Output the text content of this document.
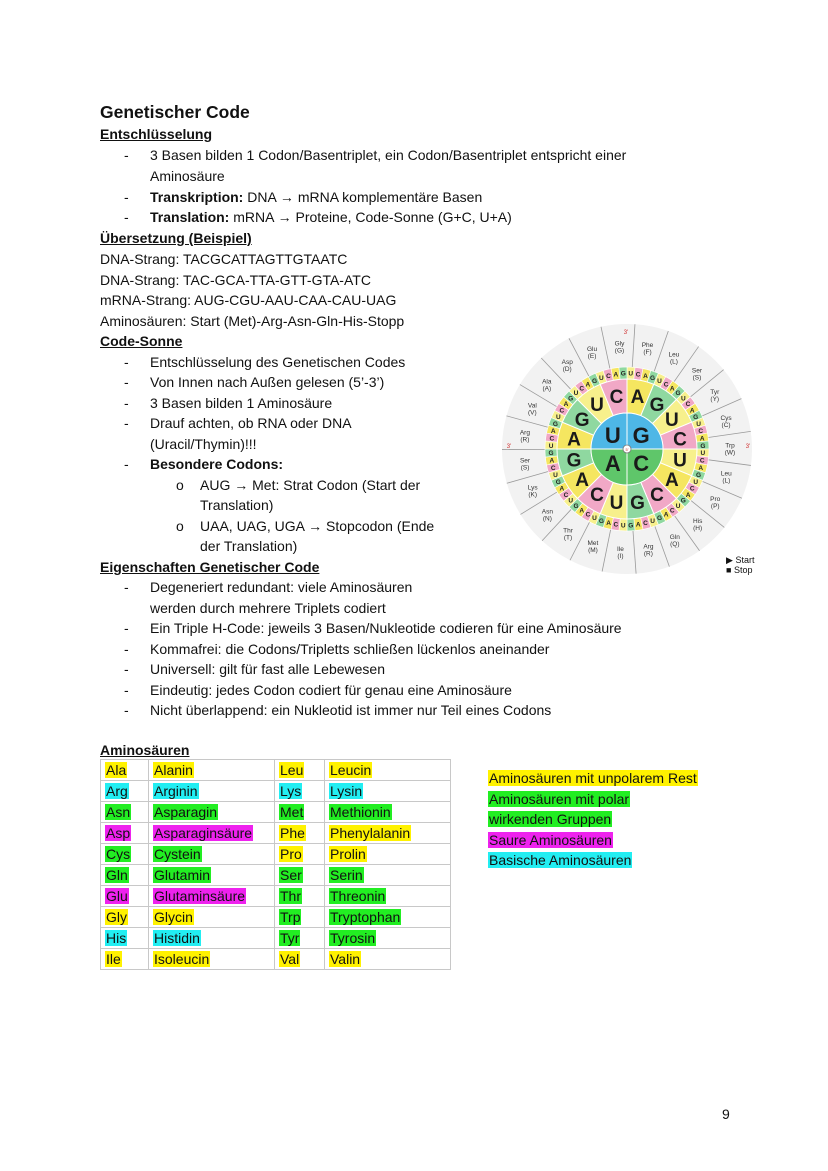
Genetischer Code
Entschlüsselung
-	3 Basen bilden 1 Codon/Basentriplet, ein Codon/Basentriplet entspricht einer
Aminosäure
-	Transkription: DNA → mRNA komplementäre Basen
-	Translation: mRNA → Proteine, Code-Sonne (G+C, U+A)
Übersetzung (Beispiel)
DNA-Strang: TACGCATTAGTTGTAATC
DNA-Strang: TAC-GCA-TTA-GTT-GTA-ATC
mRNA-Strang: AUG-CGU-AAU-CAA-CAU-UAG
Aminosäuren: Start (Met)-Arg-Asn-Gln-His-Stopp
Code-Sonne
-	Entschlüsselung des Genetischen Codes
-	Von Innen nach Außen gelesen (5’-3’)
-	3 Basen bilden 1 Aminosäure
-	Drauf achten, ob RNA oder DNA
(Uracil/Thymin)!!!
-	Besondere Codons:
o AUG → Met: Strat Codon (Start der
Translation)
o UAA, UAG, UGA → Stopcodon (Ende
der Translation)
Eigenschaften Genetischer Code
-	Degeneriert redundant: viele Aminosäuren
werden durch mehrere Triplets codiert
-	Ein Triple H-Code: jeweils 3 Basen/Nukleotide codieren für eine Aminosäure
-	Kommafrei: die Codons/Tripletts schließen lückenlos aneinander
-	Universell: gilt für fast alle Lebewesen
-	Eindeutig: jedes Codon codiert für genau eine Aminosäure
-	Nicht überlappend: ein Nukleotid ist immer nur Teil eines Codons
Aminosäuren
Ala	Alanin	Leu	Leucin
Arg	Arginin	Lys	Lysin
Asn	Asparagin	Met	Methionin
Asp	Asparaginsäure	Phe	Phenylalanin
Cys	Cystein	Pro	Prolin
Gln	Glutamin	Ser	Serin
Glu	Glutaminsäure	Thr	Threonin
Gly	Glycin	Trp	Tryptophan
His	Histidin	Tyr	Tyrosin
Ile	Isoleucin	Val	Valin
Aminosäuren mit unpolarem Rest
Aminosäuren mit polar
wirkenden Gruppen
Saure Aminosäuren
Basische Aminosäuren
Gly
(G)
Phe
(F)	Leu
(L)
Ser
(S)
Tyr
(Y)
Cys
(C)
Trp
(W)
Leu
(L)
Pro
(P)
His
(H)
Gln
(Q)
Arg
(R)
Ile
(I)
Met
(M)
Thr
(T)
Asn
(N)
Lys
(K)
Ser
(S)
Arg
(R)
Val
(V)
Ala
(A)
Asp
(D)
Glu
(E)
U G
C
A
A
G
U C A G
U
C
U
A
C
G
U
C
A
G
U C A G U
C
A
G
U
C
A
G
U
C
A
G
U
C
A
G
U
C
A
G
U
C
A
G
U
C
A
G
U
C
A
G
U
C
A
G
U
C
A
G
U
C
A
G
U
C
A
G
U
C
A
G
U
C
A
G U C A G
3'
3'	3'
5'
▶ Start
■ Stop
9
